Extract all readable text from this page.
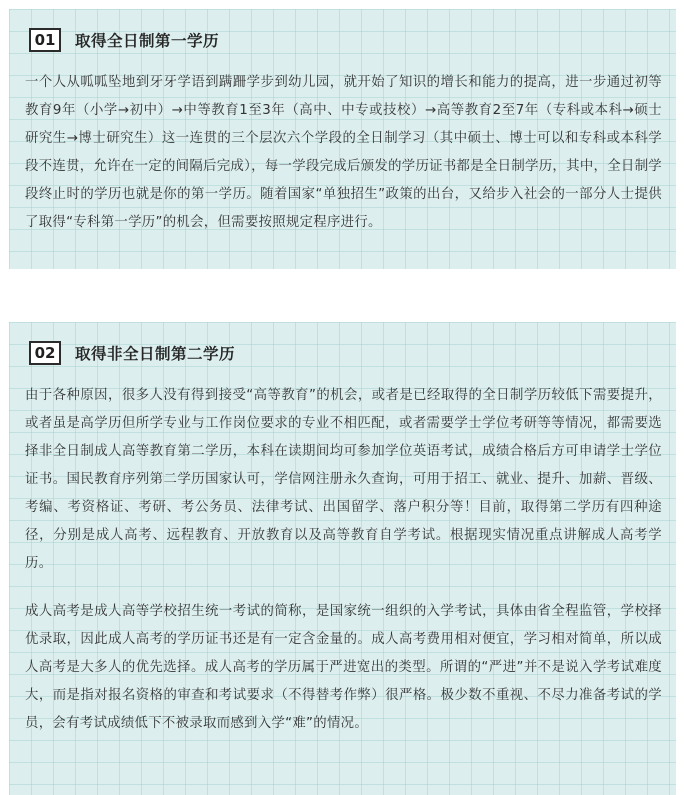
01	取得全日制第一学历

一个人从呱呱坠地到牙牙学语到蹒跚学步到幼儿园，就开始了知识的增长和能力的提高，进一步通过初等教育9年（小学→初中）→中等教育1至3年（高中、中专或技校）→高等教育2至7年（专科或本科→硕士研究生→博士研究生）这一连贯的三个层次六个学段的全日制学习（其中硕士、博士可以和专科或本科学段不连贯，允许在一定的间隔后完成），每一学段完成后颁发的学历证书都是全日制学历，其中，全日制学段终止时的学历也就是你的第一学历。随着国家“单独招生”政策的出台，又给步入社会的一部分人士提供了取得“专科第一学历”的机会，但需要按照规定程序进行。

02	取得非全日制第二学历

由于各种原因，很多人没有得到接受“高等教育”的机会，或者是已经取得的全日制学历较低下需要提升，或者虽是高学历但所学专业与工作岗位要求的专业不相匹配，或者需要学士学位考研等等情况，都需要选择非全日制成人高等教育第二学历，本科在读期间均可参加学位英语考试，成绩合格后方可申请学士学位证书。国民教育序列第二学历国家认可，学信网注册永久查询，可用于招工、就业、提升、加薪、晋级、考编、考资格证、考研、考公务员、法律考试、出国留学、落户积分等！目前，取得第二学历有四种途径，分别是成人高考、远程教育、开放教育以及高等教育自学考试。根据现实情况重点讲解成人高考学历。

成人高考是成人高等学校招生统一考试的简称，是国家统一组织的入学考试，具体由省全程监管，学校择优录取，因此成人高考的学历证书还是有一定含金量的。成人高考费用相对便宜，学习相对简单，所以成人高考是大多人的优先选择。成人高考的学历属于严进宽出的类型。所谓的“严进”并不是说入学考试难度大，而是指对报名资格的审查和考试要求（不得替考作弊）很严格。极少数不重视、不尽力准备考试的学员，会有考试成绩低下不被录取而感到入学“难”的情况。
